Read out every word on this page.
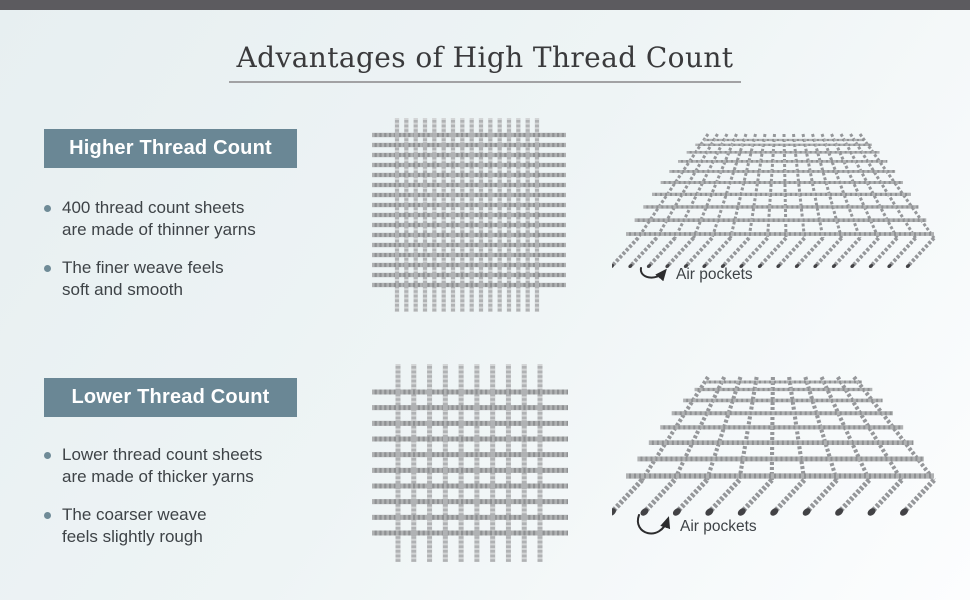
Advantages of High Thread Count
Higher Thread Count
400 thread count sheets
are made of thinner yarns
The finer weave feels
soft and smooth
Air pockets
Lower Thread Count
Lower thread count sheets
are made of thicker yarns
The coarser weave
feels slightly rough
Air pockets
